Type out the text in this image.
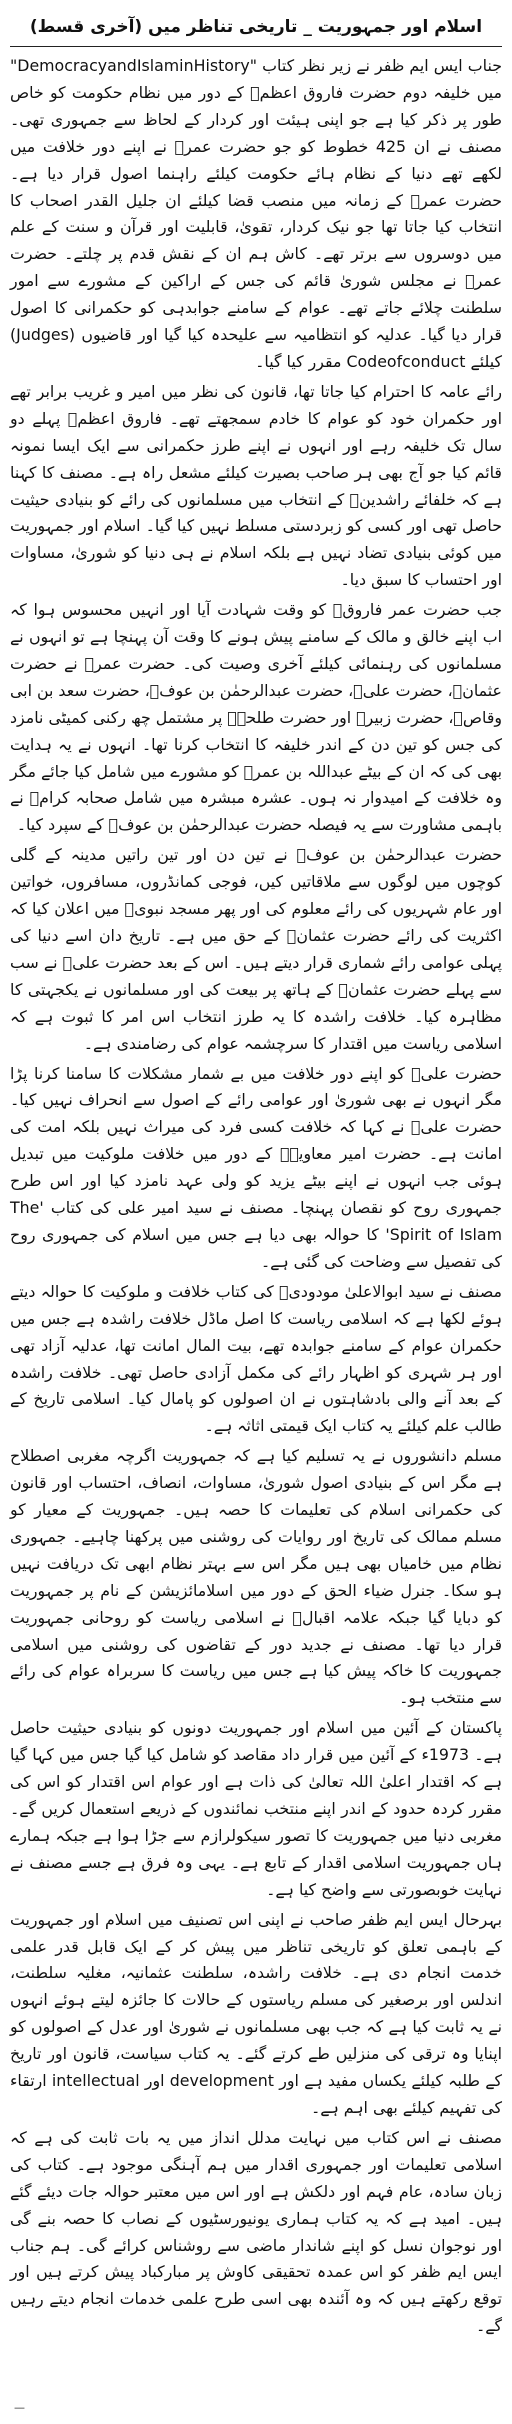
اسلام اور جمہوریت _ تاریخی تناظر میں (آخری قسط)

جناب ایس ایم ظفر نے زیر نظر کتاب "DemocracyandIslaminHistory" میں خلیفہ دوم حضرت فاروق اعظمؓ کے دور میں نظام حکومت کو خاص طور پر ذکر کیا ہے جو اپنی ہیئت اور کردار کے لحاظ سے جمہوری تھی۔ مصنف نے ان 425 خطوط کو جو حضرت عمرؓ نے اپنے دور خلافت میں لکھے تھے دنیا کے نظام ہائے حکومت کیلئے راہنما اصول قرار دیا ہے۔ حضرت عمرؓ کے زمانہ میں منصب قضا کیلئے ان جلیل القدر اصحاب کا انتخاب کیا جاتا تھا جو نیک کردار، تقویٰ، قابلیت اور قرآن و سنت کے علم میں دوسروں سے برتر تھے۔ کاش ہم ان کے نقش قدم پر چلتے۔ حضرت عمرؓ نے مجلس شوریٰ قائم کی جس کے اراکین کے مشورے سے امور سلطنت چلائے جاتے تھے۔ عوام کے سامنے جوابدہی کو حکمرانی کا اصول قرار دیا گیا۔ عدلیہ کو انتظامیہ سے علیحدہ کیا گیا اور قاضیوں (Judges) کیلئے Codeofconduct مقرر کیا گیا۔

رائے عامہ کا احترام کیا جاتا تھا، قانون کی نظر میں امیر و غریب برابر تھے اور حکمران خود کو عوام کا خادم سمجھتے تھے۔ فاروق اعظمؓ پہلے دو سال تک خلیفہ رہے اور انہوں نے اپنے طرز حکمرانی سے ایک ایسا نمونہ قائم کیا جو آج بھی ہر صاحب بصیرت کیلئے مشعل راہ ہے۔ مصنف کا کہنا ہے کہ خلفائے راشدینؓ کے انتخاب میں مسلمانوں کی رائے کو بنیادی حیثیت حاصل تھی اور کسی کو زبردستی مسلط نہیں کیا گیا۔ اسلام اور جمہوریت میں کوئی بنیادی تضاد نہیں ہے بلکہ اسلام نے ہی دنیا کو شوریٰ، مساوات اور احتساب کا سبق دیا۔

جب حضرت عمر فاروقؓ کو وقت شہادت آیا اور انہیں محسوس ہوا کہ اب اپنے خالق و مالک کے سامنے پیش ہونے کا وقت آن پہنچا ہے تو انہوں نے مسلمانوں کی رہنمائی کیلئے آخری وصیت کی۔ حضرت عمرؓ نے حضرت عثمانؓ، حضرت علیؓ، حضرت عبدالرحمٰن بن عوفؓ، حضرت سعد بن ابی وقاصؓ، حضرت زبیرؓ اور حضرت طلحہؓ پر مشتمل چھ رکنی کمیٹی نامزد کی جس کو تین دن کے اندر خلیفہ کا انتخاب کرنا تھا۔ انہوں نے یہ ہدایت بھی کی کہ ان کے بیٹے عبداللہ بن عمرؓ کو مشورے میں شامل کیا جائے مگر وہ خلافت کے امیدوار نہ ہوں۔ عشرہ مبشرہ میں شامل صحابہ کرامؓ نے باہمی مشاورت سے یہ فیصلہ حضرت عبدالرحمٰن بن عوفؓ کے سپرد کیا۔

حضرت عبدالرحمٰن بن عوفؓ نے تین دن اور تین راتیں مدینہ کے گلی کوچوں میں لوگوں سے ملاقاتیں کیں، فوجی کمانڈروں، مسافروں، خواتین اور عام شہریوں کی رائے معلوم کی اور پھر مسجد نبویؐ میں اعلان کیا کہ اکثریت کی رائے حضرت عثمانؓ کے حق میں ہے۔ تاریخ دان اسے دنیا کی پہلی عوامی رائے شماری قرار دیتے ہیں۔ اس کے بعد حضرت علیؓ نے سب سے پہلے حضرت عثمانؓ کے ہاتھ پر بیعت کی اور مسلمانوں نے یکجہتی کا مظاہرہ کیا۔ خلافت راشدہ کا یہ طرز انتخاب اس امر کا ثبوت ہے کہ اسلامی ریاست میں اقتدار کا سرچشمہ عوام کی رضامندی ہے۔

حضرت علیؓ کو اپنے دور خلافت میں بے شمار مشکلات کا سامنا کرنا پڑا مگر انہوں نے بھی شوریٰ اور عوامی رائے کے اصول سے انحراف نہیں کیا۔ حضرت علیؓ نے کہا کہ خلافت کسی فرد کی میراث نہیں بلکہ امت کی امانت ہے۔ حضرت امیر معاویہؓ کے دور میں خلافت ملوکیت میں تبدیل ہوئی جب انہوں نے اپنے بیٹے یزید کو ولی عہد نامزد کیا اور اس طرح جمہوری روح کو نقصان پہنچا۔ مصنف نے سید امیر علی کی کتاب 'The Spirit of Islam' کا حوالہ بھی دیا ہے جس میں اسلام کی جمہوری روح کی تفصیل سے وضاحت کی گئی ہے۔

مصنف نے سید ابوالاعلیٰ مودودیؒ کی کتاب خلافت و ملوکیت کا حوالہ دیتے ہوئے لکھا ہے کہ اسلامی ریاست کا اصل ماڈل خلافت راشدہ ہے جس میں حکمران عوام کے سامنے جوابدہ تھے، بیت المال امانت تھا، عدلیہ آزاد تھی اور ہر شہری کو اظہار رائے کی مکمل آزادی حاصل تھی۔ خلافت راشدہ کے بعد آنے والی بادشاہتوں نے ان اصولوں کو پامال کیا۔ اسلامی تاریخ کے طالب علم کیلئے یہ کتاب ایک قیمتی اثاثہ ہے۔

مسلم دانشوروں نے یہ تسلیم کیا ہے کہ جمہوریت اگرچہ مغربی اصطلاح ہے مگر اس کے بنیادی اصول شوریٰ، مساوات، انصاف، احتساب اور قانون کی حکمرانی اسلام کی تعلیمات کا حصہ ہیں۔ جمہوریت کے معیار کو مسلم ممالک کی تاریخ اور روایات کی روشنی میں پرکھنا چاہیے۔ جمہوری نظام میں خامیاں بھی ہیں مگر اس سے بہتر نظام ابھی تک دریافت نہیں ہو سکا۔ جنرل ضیاء الحق کے دور میں اسلامائزیشن کے نام پر جمہوریت کو دبایا گیا جبکہ علامہ اقبالؒ نے اسلامی ریاست کو روحانی جمہوریت قرار دیا تھا۔ مصنف نے جدید دور کے تقاضوں کی روشنی میں اسلامی جمہوریت کا خاکہ پیش کیا ہے جس میں ریاست کا سربراہ عوام کی رائے سے منتخب ہو۔

پاکستان کے آئین میں اسلام اور جمہوریت دونوں کو بنیادی حیثیت حاصل ہے۔ 1973ء کے آئین میں قرار داد مقاصد کو شامل کیا گیا جس میں کہا گیا ہے کہ اقتدار اعلیٰ اللہ تعالیٰ کی ذات ہے اور عوام اس اقتدار کو اس کی مقرر کردہ حدود کے اندر اپنے منتخب نمائندوں کے ذریعے استعمال کریں گے۔ مغربی دنیا میں جمہوریت کا تصور سیکولرازم سے جڑا ہوا ہے جبکہ ہمارے ہاں جمہوریت اسلامی اقدار کے تابع ہے۔ یہی وہ فرق ہے جسے مصنف نے نہایت خوبصورتی سے واضح کیا ہے۔

بہرحال ایس ایم ظفر صاحب نے اپنی اس تصنیف میں اسلام اور جمہوریت کے باہمی تعلق کو تاریخی تناظر میں پیش کر کے ایک قابل قدر علمی خدمت انجام دی ہے۔ خلافت راشدہ، سلطنت عثمانیہ، مغلیہ سلطنت، اندلس اور برصغیر کی مسلم ریاستوں کے حالات کا جائزہ لیتے ہوئے انہوں نے یہ ثابت کیا ہے کہ جب بھی مسلمانوں نے شوریٰ اور عدل کے اصولوں کو اپنایا وہ ترقی کی منزلیں طے کرتے گئے۔ یہ کتاب سیاست، قانون اور تاریخ کے طلبہ کیلئے یکساں مفید ہے اور development اور intellectual ارتقاء کی تفہیم کیلئے بھی اہم ہے۔

مصنف نے اس کتاب میں نہایت مدلل انداز میں یہ بات ثابت کی ہے کہ اسلامی تعلیمات اور جمہوری اقدار میں ہم آہنگی موجود ہے۔ کتاب کی زبان سادہ، عام فہم اور دلکش ہے اور اس میں معتبر حوالہ جات دیئے گئے ہیں۔ امید ہے کہ یہ کتاب ہماری یونیورسٹیوں کے نصاب کا حصہ بنے گی اور نوجوان نسل کو اپنے شاندار ماضی سے روشناس کرائے گی۔ ہم جناب ایس ایم ظفر کو اس عمدہ تحقیقی کاوش پر مبارکباد پیش کرتے ہیں اور توقع رکھتے ہیں کہ وہ آئندہ بھی اسی طرح علمی خدمات انجام دیتے رہیں گے۔

—
